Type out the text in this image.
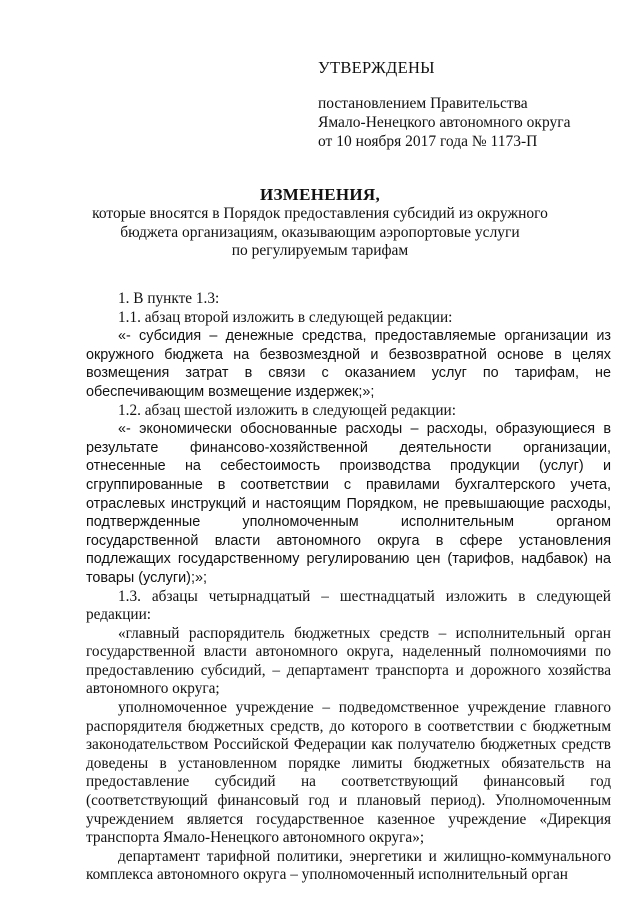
УТВЕРЖДЕНЫ
постановлением Правительства
Ямало-Ненецкого автономного округа
от 10 ноября 2017 года № 1173-П
ИЗМЕНЕНИЯ,
которые вносятся в Порядок предоставления субсидий из окружного
бюджета организациям, оказывающим аэропортовые услуги
по регулируемым тарифам

1. В пункте 1.3:

1.1. абзац второй изложить в следующей редакции:

«- субсидия – денежные средства, предоставляемые организации из окружного бюджета на безвозмездной и безвозвратной основе в целях возмещения затрат в связи с оказанием услуг по тарифам, не обеспечивающим возмещение издержек;»;

1.2. абзац шестой изложить в следующей редакции:

«- экономически обоснованные расходы – расходы, образующиеся в результате финансово-хозяйственной деятельности организации, отнесенные на себестоимость производства продукции (услуг) и сгруппированные в соответствии с правилами бухгалтерского учета, отраслевых инструкций и настоящим Порядком, не превышающие расходы, подтвержденные уполномоченным исполнительным органом государственной власти автономного округа в сфере установления подлежащих государственному регулированию цен (тарифов, надбавок) на товары (услуги);»;

1.3. абзацы четырнадцатый – шестнадцатый изложить в следующей редакции:

«главный распорядитель бюджетных средств – исполнительный орган государственной власти автономного округа, наделенный полномочиями по предоставлению субсидий, – департамент транспорта и дорожного хозяйства автономного округа;

уполномоченное учреждение – подведомственное учреждение главного распорядителя бюджетных средств, до которого в соответствии с бюджетным законодательством Российской Федерации как получателю бюджетных средств доведены в установленном порядке лимиты бюджетных обязательств на предоставление субсидий на соответствующий финансовый год (соответствующий финансовый год и плановый период). Уполномоченным учреждением является государственное казенное учреждение «Дирекция транспорта Ямало-Ненецкого автономного округа»;

департамент тарифной политики, энергетики и жилищно-коммунального комплекса автономного округа – уполномоченный исполнительный орган
